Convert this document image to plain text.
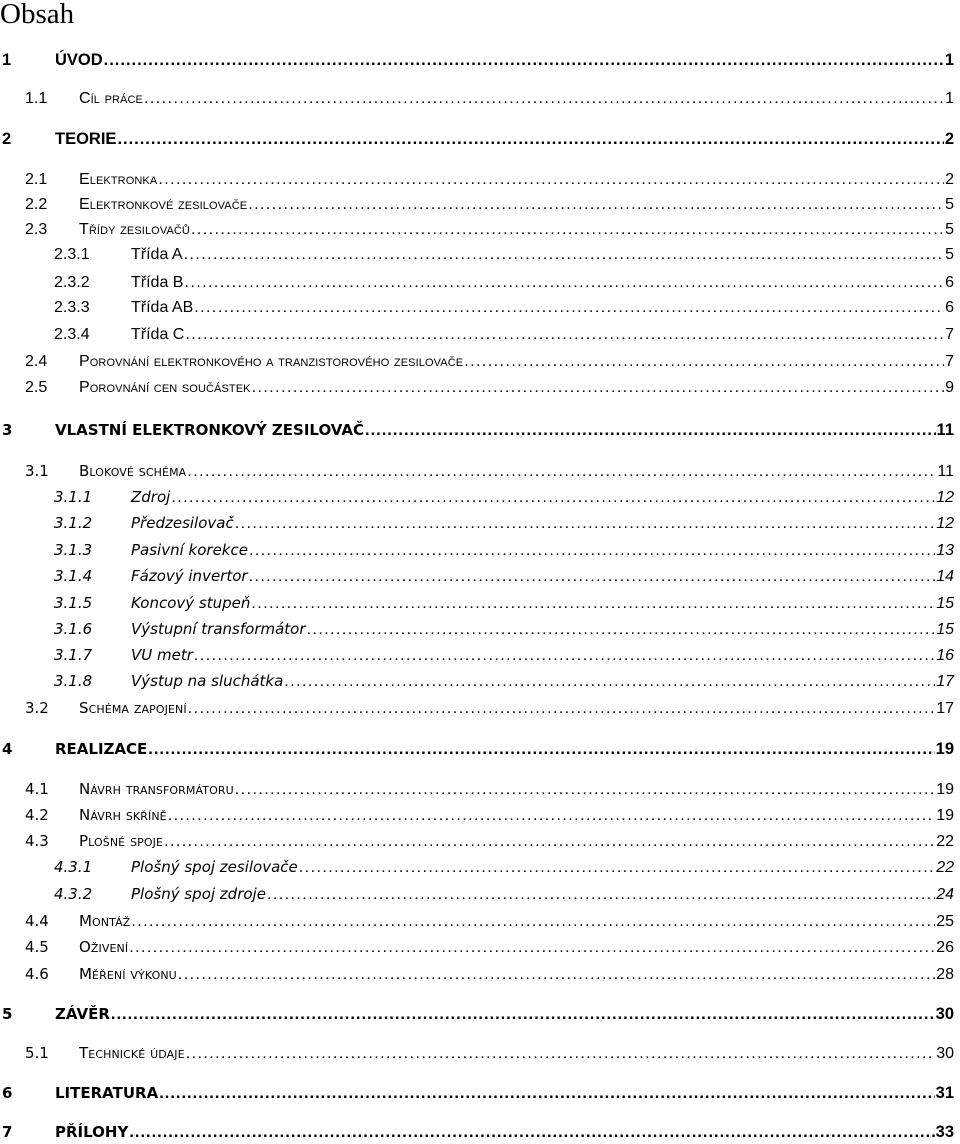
Obsah
1	ÚVOD . . .	1
1.1	Cíl práce . . .	1
2	TEORIE . . .	2
2.1	Elektronka . . .	2
2.2	Elektronkové zesilovače . . .	5
2.3	Třídy zesilovačů . . .	5
2.3.1	Třída A . . .	5
2.3.2	Třída B . . .	6
2.3.3	Třída AB . . .	6
2.3.4	Třída C . . .	7
2.4	Porovnání elektronkového a tranzistorového zesilovače . . .	7
2.5	Porovnání cen součástek . . .	9
3	VLASTNÍ ELEKTRONKOVÝ ZESILOVAČ . . .	11
3.1	Blokové schéma . . .	11
3.1.1	Zdroj . . .	12
3.1.2	Předzesilovač . . .	12
3.1.3	Pasivní korekce . . .	13
3.1.4	Fázový invertor . . .	14
3.1.5	Koncový stupeň . . .	15
3.1.6	Výstupní transformátor . . .	15
3.1.7	VU metr . . .	16
3.1.8	Výstup na sluchátka . . .	17
3.2	Schéma zapojení . . .	17
4	REALIZACE . . .	19
4.1	Návrh transformátoru . . .	19
4.2	Návrh skříně . . .	19
4.3	Plošné spoje . . .	22
4.3.1	Plošný spoj zesilovače . . .	22
4.3.2	Plošný spoj zdroje . . .	24
4.4	Montáž . . .	25
4.5	Oživení . . .	26
4.6	Měření výkonu . . .	28
5	ZÁVĚR . . .	30
5.1	Technické údaje . . .	30
6	LITERATURA . . .	31
7	PŘÍLOHY . . .	33
